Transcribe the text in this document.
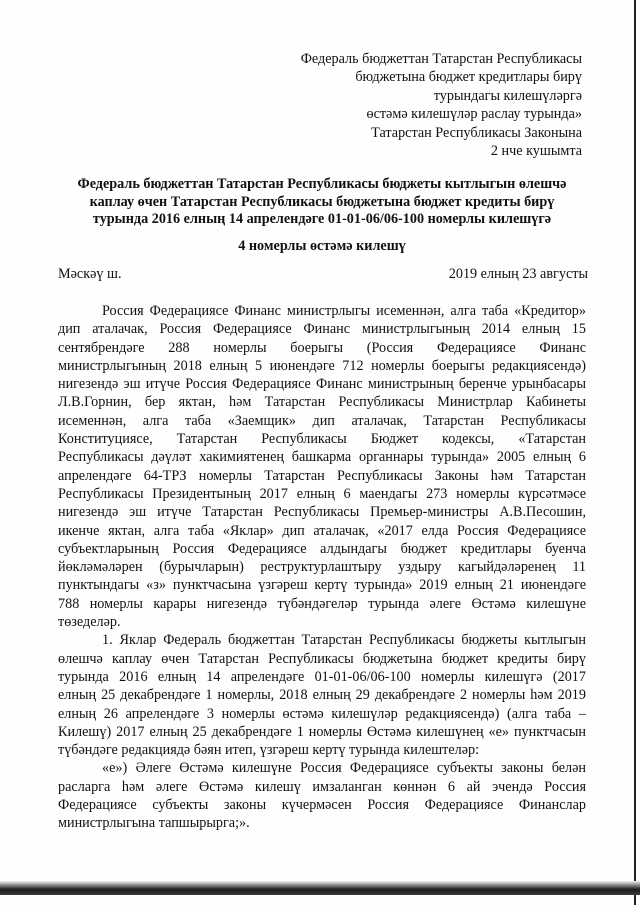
Федераль бюджеттан Татарстан Республикасы
бюджетына бюджет кредитлары бирү
турындагы килешүләргә
өстәмә килешүләр раслау турында»
Татарстан Республикасы Законына
2 нче кушымта
Федераль бюджеттан Татарстан Республикасы бюджеты кытлыгын өлешчә
каплау өчен Татарстан Республикасы бюджетына бюджет кредиты бирү
турында 2016 елның 14 апрелендәге 01-01-06/06-100 номерлы килешүгә
4 номерлы өстәмә килешү
Мәскәү ш.	2019 елның 23 августы
Россия Федерациясе Финанс министрлыгы исеменнән, алга таба «Кредитор»
дип аталачак, Россия Федерациясе Финанс министрлыгының 2014 елның 15
сентябрендәге 288 номерлы боерыгы (Россия Федерациясе Финанс
министрлыгының 2018 елның 5 июнендәге 712 номерлы боерыгы редакциясендә)
нигезендә эш итүче Россия Федерациясе Финанс министрының беренче урынбасары
Л.В.Горнин, бер яктан, һәм Татарстан Республикасы Министрлар Кабинеты
исеменнән, алга таба «Заемщик» дип аталачак, Татарстан Республикасы
Конституциясе, Татарстан Республикасы Бюджет кодексы, «Татарстан
Республикасы дәүләт хакимиятенең башкарма органнары турында» 2005 елның 6
апрелендәге 64-ТРЗ номерлы Татарстан Республикасы Законы һәм Татарстан
Республикасы Президентының 2017 елның 6 маендагы 273 номерлы күрсәтмәсе
нигезендә эш итүче Татарстан Республикасы Премьер-министры А.В.Песошин,
икенче яктан, алга таба «Яклар» дип аталачак, «2017 елда Россия Федерациясе
субъектларының Россия Федерациясе алдындагы бюджет кредитлары буенча
йөкләмәләрен (бурычларын) реструктурлаштыру уздыру кагыйдәләренең 11
пунктындагы «з» пунктчасына үзгәреш кертү турында» 2019 елның 21 июнендәге
788 номерлы карары нигезендә түбәндәгеләр турында әлеге Өстәмә килешүне
төзеделәр.
1. Яклар Федераль бюджеттан Татарстан Республикасы бюджеты кытлыгын
өлешчә каплау өчен Татарстан Республикасы бюджетына бюджет кредиты бирү
турында 2016 елның 14 апрелендәге 01-01-06/06-100 номерлы килешүгә (2017
елның 25 декабрендәге 1 номерлы, 2018 елның 29 декабрендәге 2 номерлы һәм 2019
елның 26 апрелендәге 3 номерлы өстәмә килешүләр редакциясендә) (алга таба –
Килешү) 2017 елның 25 декабрендәге 1 номерлы Өстәмә килешүнең «е» пунктчасын
түбәндәге редакциядә бәян итеп, үзгәреш кертү турында килештеләр:
«е») Әлеге Өстәмә килешүне Россия Федерациясе субъекты законы белән
расларга һәм әлеге Өстәмә килешү имзаланган көннән 6 ай эчендә Россия
Федерациясе субъекты законы күчермәсен Россия Федерациясе Финанслар
министрлыгына тапшырырга;».
